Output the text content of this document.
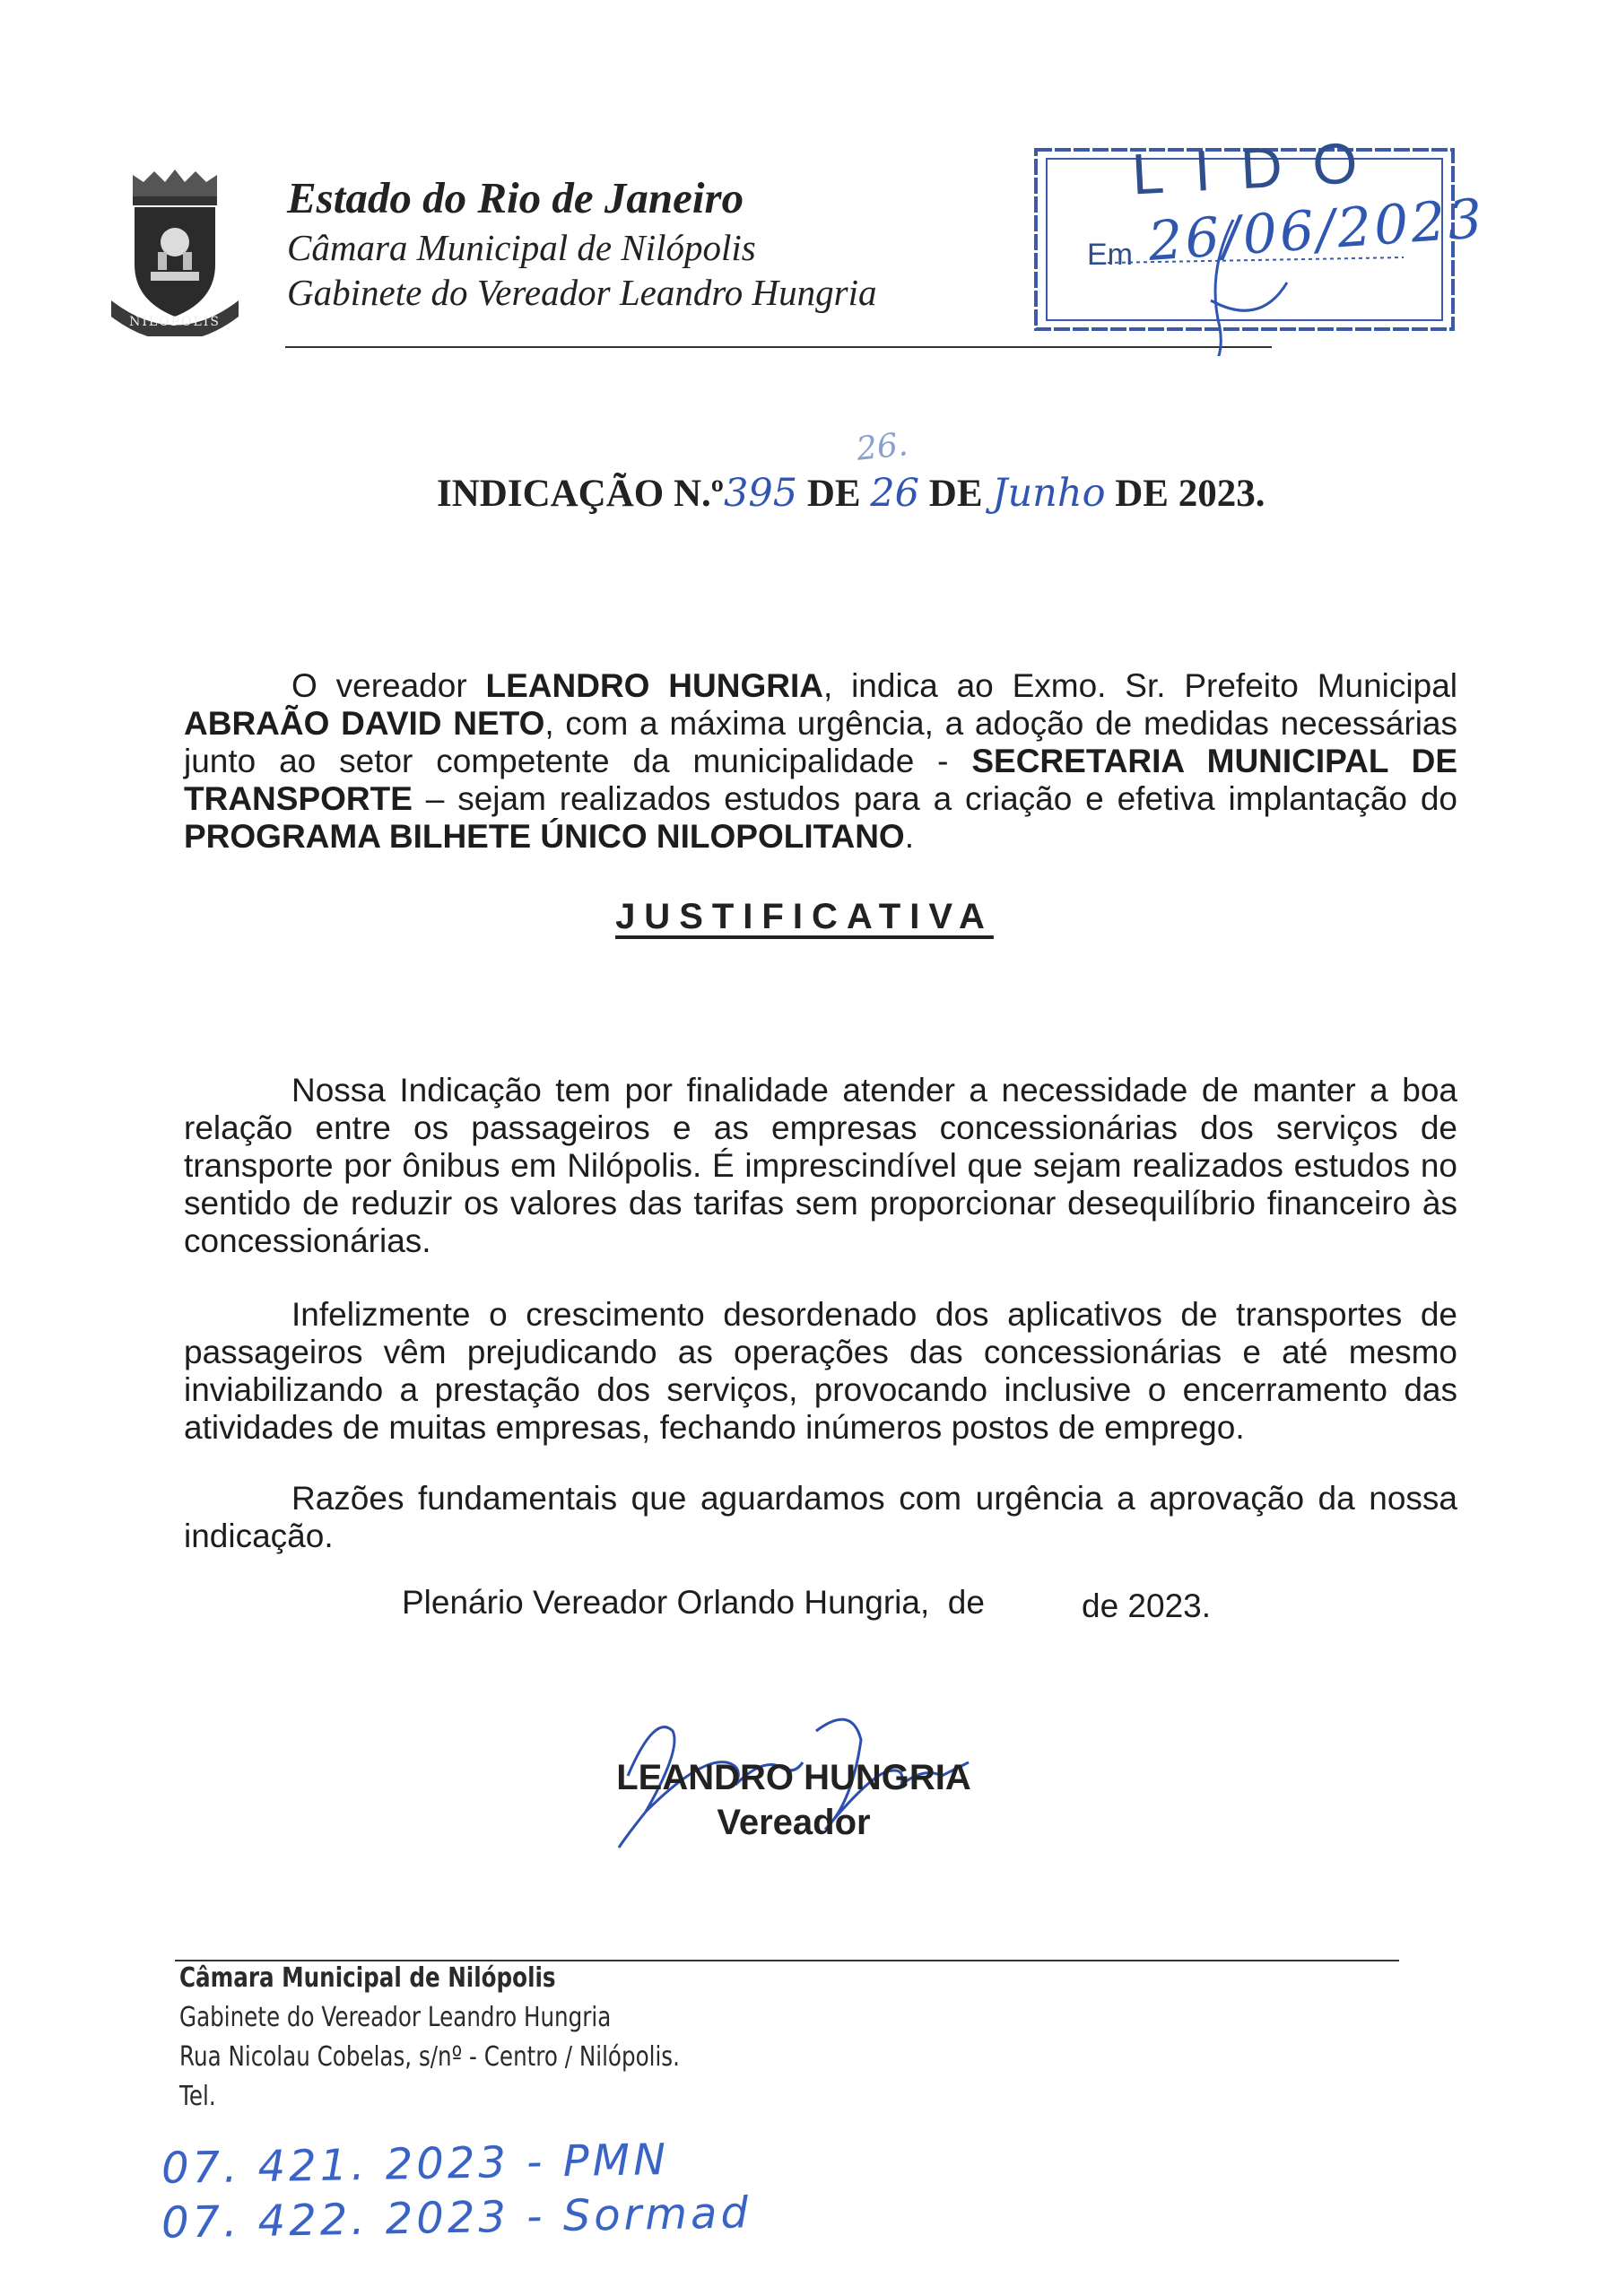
NILOPOLIS
Estado do Rio de Janeiro
Câmara Municipal de Nilópolis
Gabinete do Vereador Leandro Hungria
LIDO
Em 26/06/2023
26.
INDICAÇÃO N.º395 DE 26 DE Junho DE 2023.
O vereador LEANDRO HUNGRIA, indica ao Exmo. Sr. Prefeito Municipal ABRAÃO DAVID NETO, com a máxima urgência, a adoção de medidas necessárias junto ao setor competente da municipalidade - SECRETARIA MUNICIPAL DE TRANSPORTE – sejam realizados estudos para a criação e efetiva implantação do PROGRAMA BILHETE ÚNICO NILOPOLITANO.
JUSTIFICATIVA
Nossa Indicação tem por finalidade atender a necessidade de manter a boa relação entre os passageiros e as empresas concessionárias dos serviços de transporte por ônibus em Nilópolis. É imprescindível que sejam realizados estudos no sentido de reduzir os valores das tarifas sem proporcionar desequilíbrio financeiro às concessionárias.
Infelizmente o crescimento desordenado dos aplicativos de transportes de passageiros vêm prejudicando as operações das concessionárias e até mesmo inviabilizando a prestação dos serviços, provocando inclusive o encerramento das atividades de muitas empresas, fechando inúmeros postos de emprego.
Razões fundamentais que aguardamos com urgência a aprovação da nossa indicação.
Plenário Vereador Orlando Hungria,  de	de 2023.
LEANDRO HUNGRIA
Vereador
Câmara Municipal de Nilópolis
Gabinete do Vereador Leandro Hungria
Rua Nicolau Cobelas, s/nº - Centro / Nilópolis.
Tel.
07. 421. 2023 - PMN
07. 422. 2023 - Sormad
